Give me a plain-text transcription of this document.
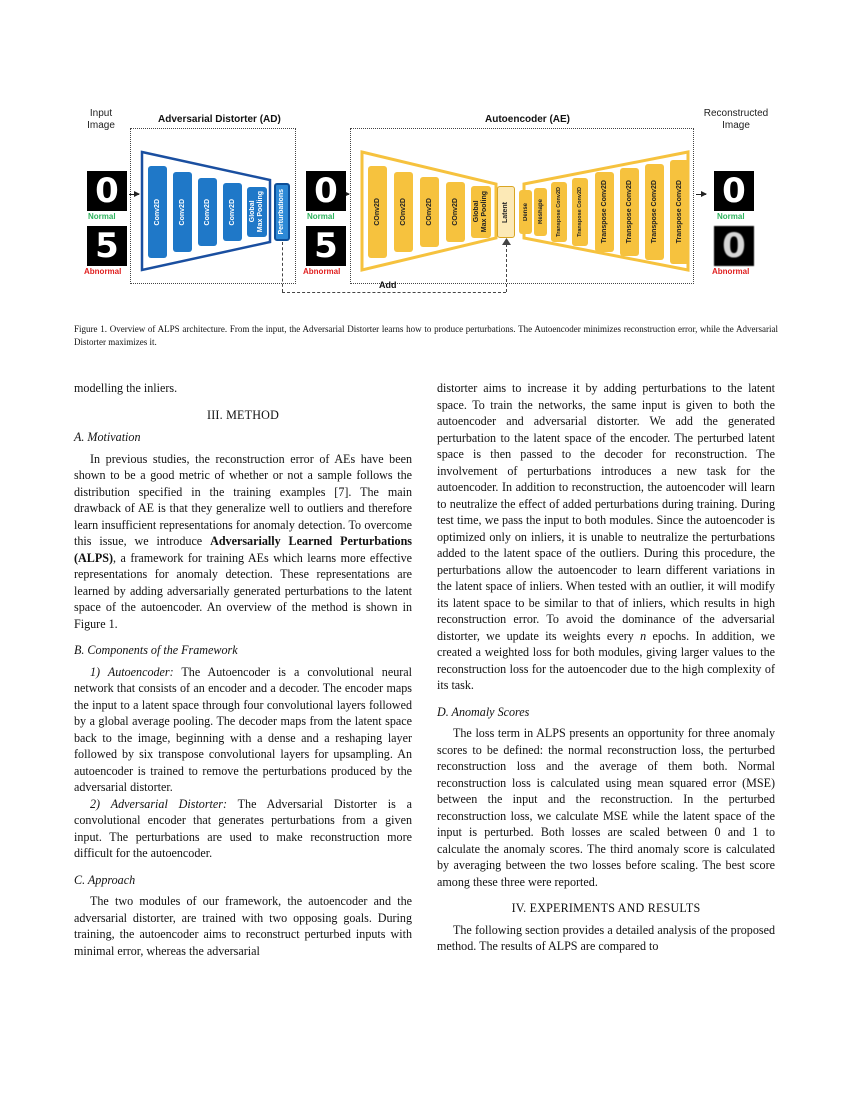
Input
Image
Reconstructed
Image
Adversarial Distorter (AD)	Autoencoder (AE)
0
Normal
5
Abnormal
Conv2D	Conv2D	Conv2D	Conv2D Global
Max Pooling Perturbations 0
Normal
5
Abnormal
COnv2D	COnv2D	COnv2D	COnv2D Global
Max Pooling Latent Dense Reshape Transpose Conv2D	Transpose Conv2D	Transpose Conv2D	Transpose Conv2D	Transpose Conv2D	Transpose Conv2D 0
Normal
0
Abnormal
Add
Figure 1. Overview of ALPS architecture. From the input, the Adversarial Distorter learns how to produce perturbations. The Autoencoder minimizes reconstruction error, while the Adversarial Distorter maximizes it.

modelling the inliers.

III. METHOD
A. Motivation

In previous studies, the reconstruction error of AEs have been shown to be a good metric of whether or not a sample follows the distribution specified in the training examples [7]. The main drawback of AE is that they generalize well to outliers and therefore learn insufficient representations for anomaly detection. To overcome this issue, we introduce Adversarially Learned Perturbations (ALPS), a framework for training AEs which learns more effective representations for anomaly detection. These representations are learned by adding adversarially generated perturbations to the latent space of the autoencoder. An overview of the method is shown in Figure 1.

B. Components of the Framework

1) Autoencoder: The Autoencoder is a convolutional neural network that consists of an encoder and a decoder. The encoder maps the input to a latent space through four convolutional layers followed by a global average pooling. The decoder maps from the latent space back to the image, beginning with a dense and a reshaping layer followed by six transpose convolutional layers for upsampling. An autoencoder is trained to remove the perturbations produced by the adversarial distorter.

2) Adversarial Distorter: The Adversarial Distorter is a convolutional encoder that generates perturbations from a given input. The perturbations are used to make reconstruction more difficult for the autoencoder.

C. Approach

The two modules of our framework, the autoencoder and the adversarial distorter, are trained with two opposing goals. During training, the autoencoder aims to reconstruct perturbed inputs with minimal error, whereas the adversarial

distorter aims to increase it by adding perturbations to the latent space. To train the networks, the same input is given to both the autoencoder and adversarial distorter. We add the generated perturbation to the latent space of the encoder. The perturbed latent space is then passed to the decoder for reconstruction. The involvement of perturbations introduces a new task for the autoencoder. In addition to reconstruction, the autoencoder will learn to neutralize the effect of added perturbations during training. During test time, we pass the input to both modules. Since the autoencoder is optimized only on inliers, it is unable to neutralize the perturbations added to the latent space of the outliers. During this procedure, the perturbations allow the autoencoder to learn different variations in the latent space of inliers. When tested with an outlier, it will modify its latent space to be similar to that of inliers, which results in high reconstruction error. To avoid the dominance of the adversarial distorter, we update its weights every n epochs. In addition, we created a weighted loss for both modules, giving larger values to the reconstruction loss for the autoencoder due to the high complexity of its task.

D. Anomaly Scores

The loss term in ALPS presents an opportunity for three anomaly scores to be defined: the normal reconstruction loss, the perturbed reconstruction loss and the average of them both. Normal reconstruction loss is calculated using mean squared error (MSE) between the input and the reconstruction. In the perturbed reconstruction loss, we calculate MSE while the latent space of the input is perturbed. Both losses are scaled between 0 and 1 to calculate the anomaly scores. The third anomaly score is calculated by averaging between the two losses before scaling. The best score among these three were reported.

IV. EXPERIMENTS AND RESULTS

The following section provides a detailed analysis of the proposed method. The results of ALPS are compared to
